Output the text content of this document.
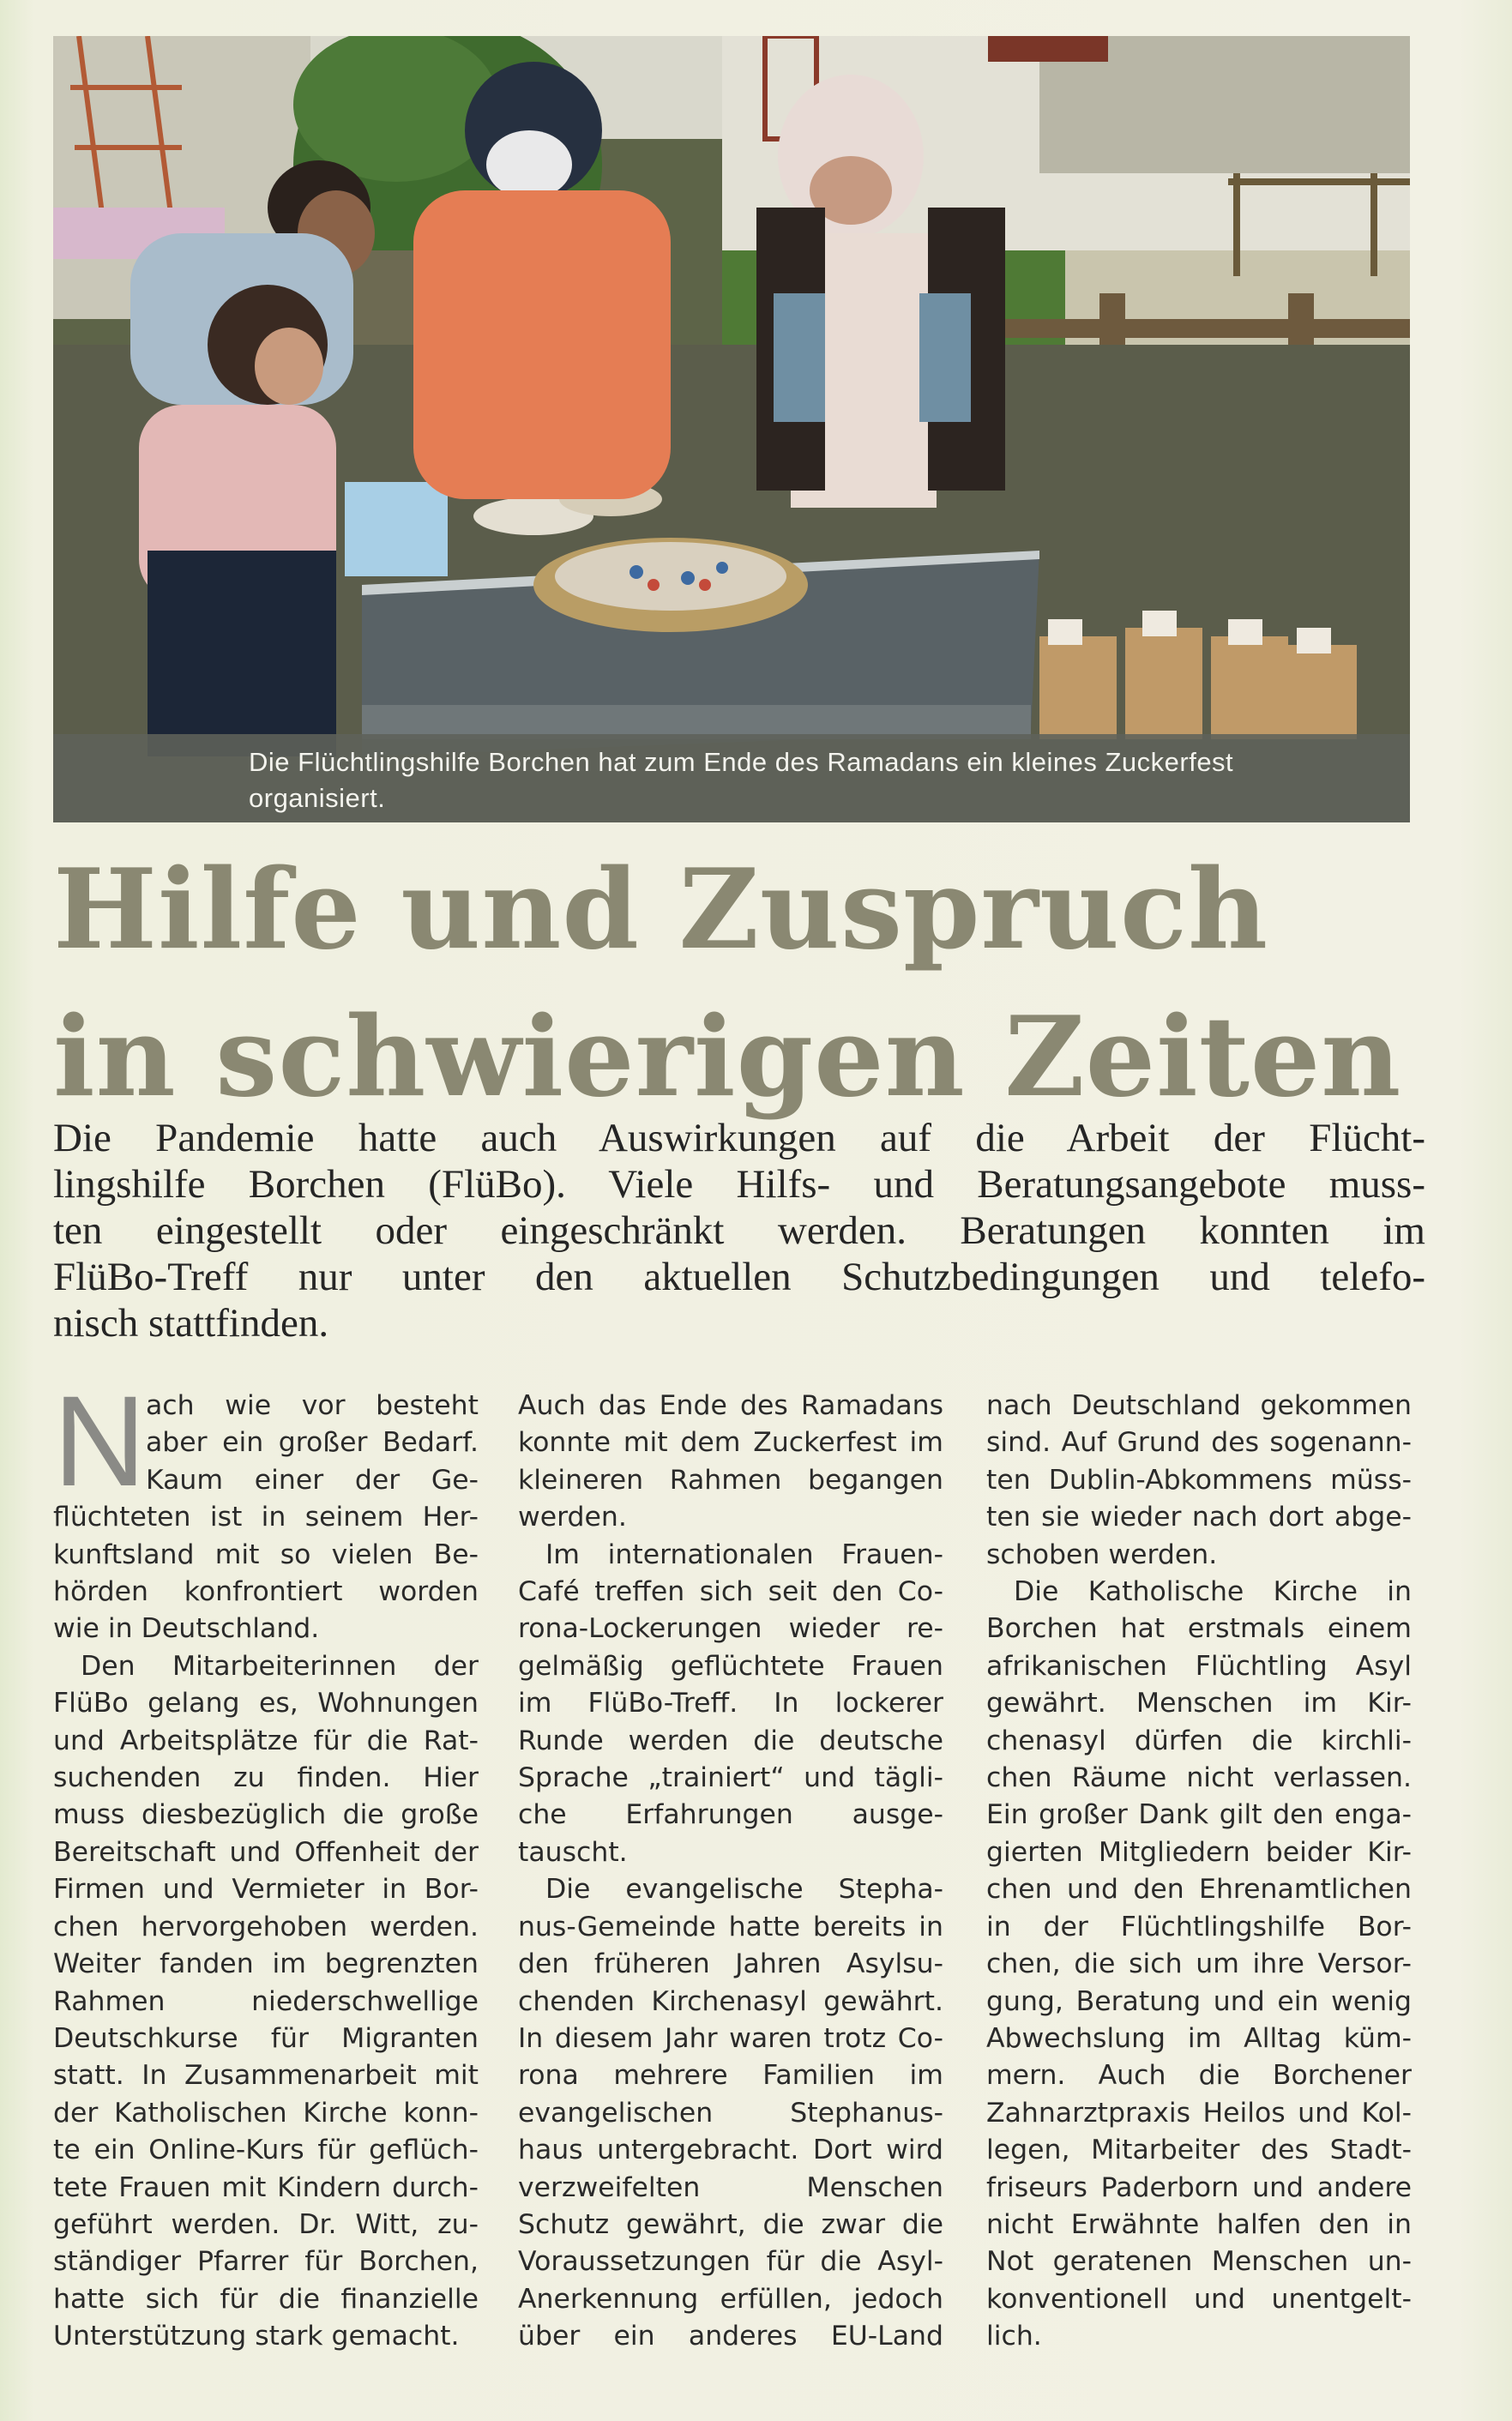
Die Flüchtlingshilfe Borchen hat zum Ende des Ramadans ein kleines Zuckerfest
organisiert.
Hilfe und Zuspruch
in schwierigen Zeiten
Die Pandemie hatte auch Auswirkungen auf die Arbeit der Flücht-
lingshilfe Borchen (FlüBo). Viele Hilfs- und Beratungsangebote muss-
ten eingestellt oder eingeschränkt werden. Beratungen konnten im
FlüBo-Treff nur unter den aktuellen Schutzbedingungen und telefo-
nisch stattfinden.
N ach wie vor besteht
aber ein großer Bedarf.
Kaum einer der Ge-
flüchteten ist in seinem Her-
kunftsland mit so vielen Be-
hörden konfrontiert worden
wie in Deutschland.
Den Mitarbeiterinnen der
FlüBo gelang es, Wohnungen
und Arbeitsplätze für die Rat-
suchenden zu finden. Hier
muss diesbezüglich die große
Bereitschaft und Offenheit der
Firmen und Vermieter in Bor-
chen hervorgehoben werden.
Weiter fanden im begrenzten
Rahmen niederschwellige
Deutschkurse für Migranten
statt. In Zusammenarbeit mit
der Katholischen Kirche konn-
te ein Online-Kurs für geflüch-
tete Frauen mit Kindern durch-
geführt werden. Dr. Witt, zu-
ständiger Pfarrer für Borchen,
hatte sich für die finanzielle
Unterstützung stark gemacht.
Auch das Ende des Ramadans
konnte mit dem Zuckerfest im
kleineren Rahmen begangen
werden.
Im internationalen Frauen-
Café treffen sich seit den Co-
rona-Lockerungen wieder re-
gelmäßig geflüchtete Frauen
im FlüBo-Treff. In lockerer
Runde werden die deutsche
Sprache „trainiert“ und tägli-
che Erfahrungen ausge-
tauscht.
Die evangelische Stepha-
nus-Gemeinde hatte bereits in
den früheren Jahren Asylsu-
chenden Kirchenasyl gewährt.
In diesem Jahr waren trotz Co-
rona mehrere Familien im
evangelischen Stephanus-
haus untergebracht. Dort wird
verzweifelten Menschen
Schutz gewährt, die zwar die
Voraussetzungen für die Asyl-
Anerkennung erfüllen, jedoch
über ein anderes EU-Land
nach Deutschland gekommen
sind. Auf Grund des sogenann-
ten Dublin-Abkommens müss-
ten sie wieder nach dort abge-
schoben werden.
Die Katholische Kirche in
Borchen hat erstmals einem
afrikanischen Flüchtling Asyl
gewährt. Menschen im Kir-
chenasyl dürfen die kirchli-
chen Räume nicht verlassen.
Ein großer Dank gilt den enga-
gierten Mitgliedern beider Kir-
chen und den Ehrenamtlichen
in der Flüchtlingshilfe Bor-
chen, die sich um ihre Versor-
gung, Beratung und ein wenig
Abwechslung im Alltag küm-
mern. Auch die Borchener
Zahnarztpraxis Heilos und Kol-
legen, Mitarbeiter des Stadt-
friseurs Paderborn und andere
nicht Erwähnte halfen den in
Not geratenen Menschen un-
konventionell und unentgelt-
lich.
